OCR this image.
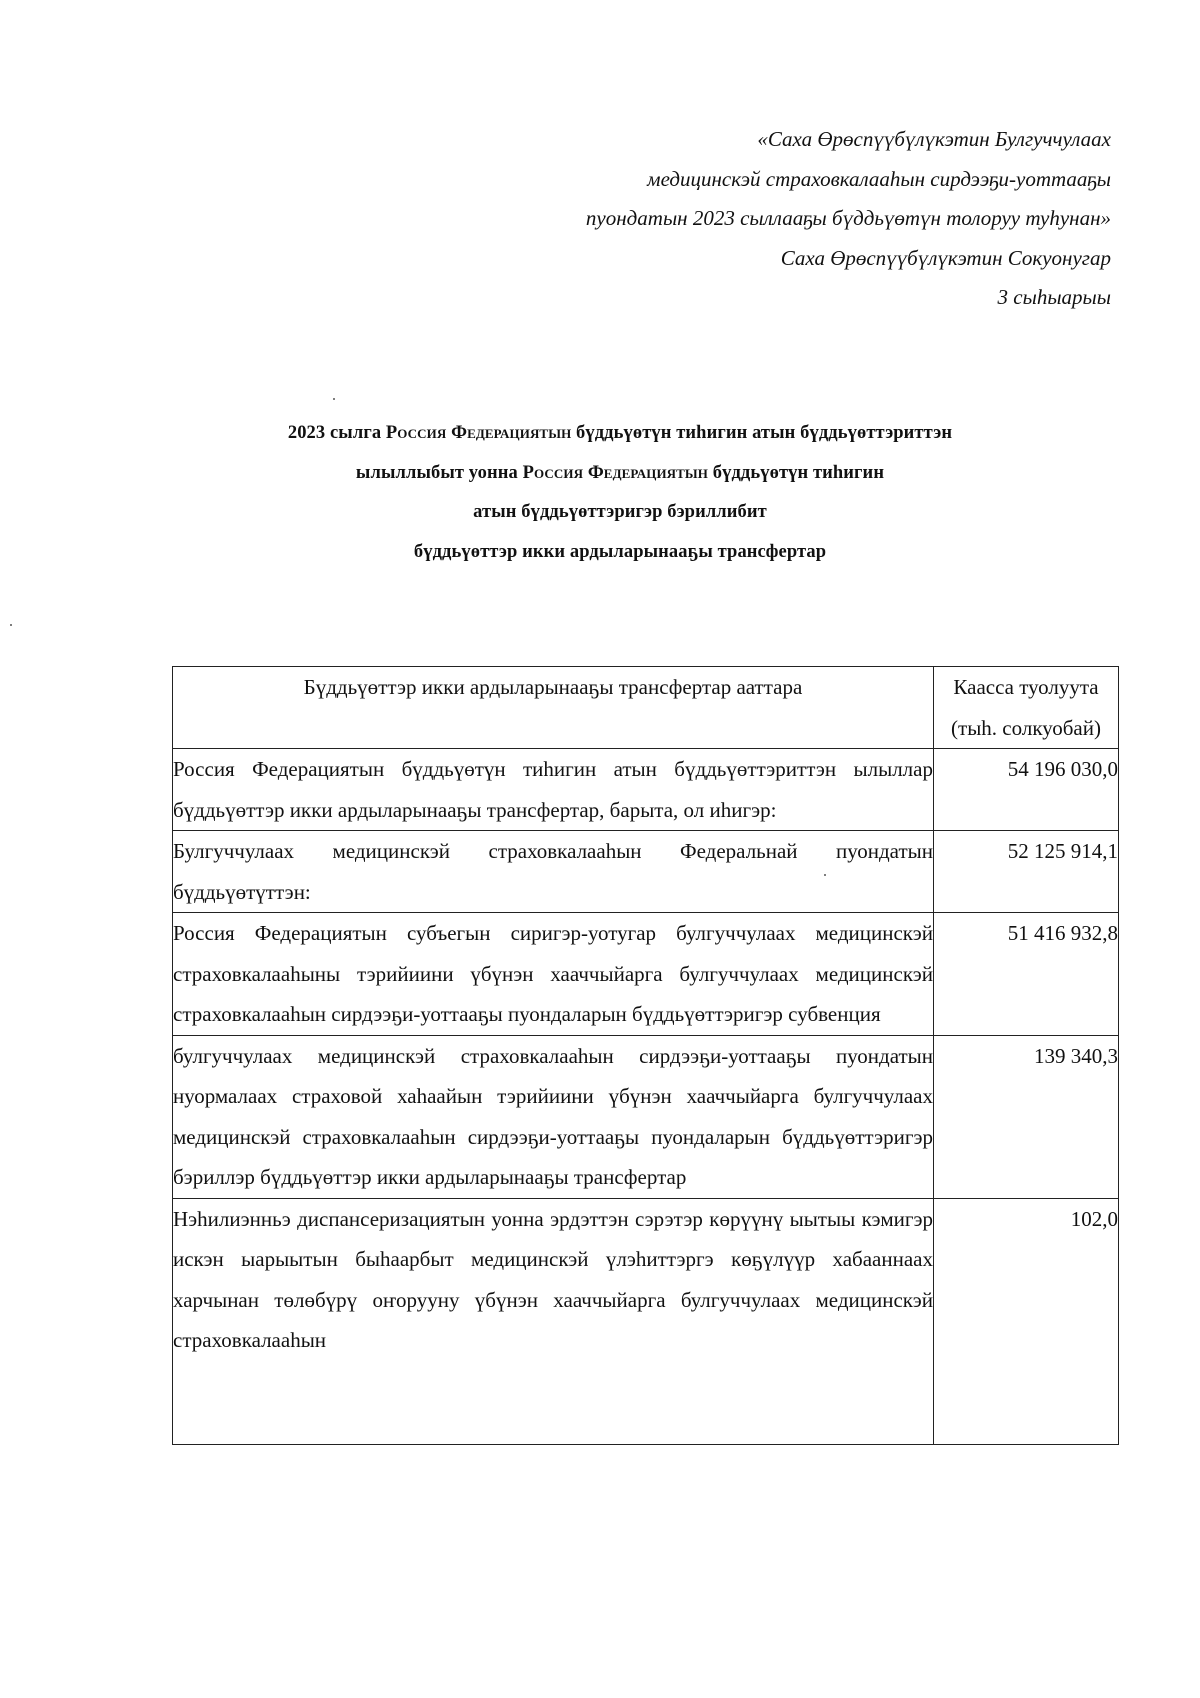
«Саха Өрөспүүбүлүкэтин Булгуччулаах
медицинскэй страховкалааһын сирдээҕи-уоттааҕы
пуондатын 2023 сыллааҕы бүддьүөтүн толоруу туһунан»
Саха Өрөспүүбүлүкэтин Сокуонугар
3 сыһыарыы
2023 сылга Россия Федерациятын бүддьүөтүн тиһигин атын бүддьүөттэриттэн
ылыллыбыт уонна Россия Федерациятын бүддьүөтүн тиһигин
атын бүддьүөттэригэр бэриллибит
бүддьүөттэр икки ардыларынааҕы трансфертар
Бүддьүөттэр икки ардыларынааҕы трансфертар ааттара	Каасса туолуута
(тыһ. солкуобай)
Россия Федерациятын бүддьүөтүн тиһигин атын бүддьүөттэриттэн ылыллар бүддьүөттэр икки ардыларынааҕы трансфертар, барыта, ол иһигэр:	54 196 030,0
Булгуччулаах медицинскэй страховкалааһын Федеральнай пуондатын бүддьүөтүттэн:	52 125 914,1
Россия Федерациятын субъегын сиригэр-уотугар булгуччулаах медицинскэй страховкалааһыны тэрийиини үбүнэн хааччыйарга булгуччулаах медицинскэй страховкалааһын сирдээҕи-уоттааҕы пуондаларын бүддьүөттэригэр субвенция	51 416 932,8
булгуччулаах медицинскэй страховкалааһын сирдээҕи-уоттааҕы пуондатын нуормалаах страховой хаһаайын тэрийиини үбүнэн хааччыйарга булгуччулаах медицинскэй страховкалааһын сирдээҕи-уоттааҕы пуондаларын бүддьүөттэригэр бэриллэр бүддьүөттэр икки ардыларынааҕы трансфертар	139 340,3
Нэһилиэнньэ диспансеризациятын уонна эрдэттэн сэрэтэр көрүүнү ыытыы кэмигэр искэн ыарыытын быһаарбыт медицинскэй үлэһиттэргэ көҕүлүүр хабааннаах харчынан төлөбүрү оҥорууну үбүнэн хааччыйарга булгуччулаах медицинскэй страховкалааһын	102,0
